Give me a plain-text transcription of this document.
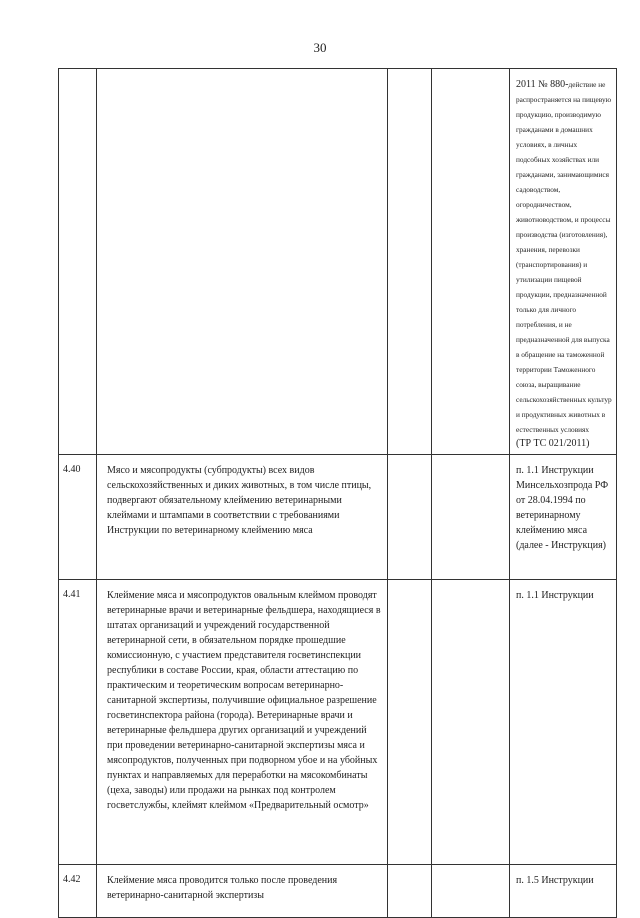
30
				2011 № 880-действие не распространяется на пищевую продукцию, производимую гражданами в домашних условиях, в личных подсобных хозяйствах или гражданами, занимающимися садоводством, огородничеством, животноводством, и процессы производства (изготовления), хранения, перевозки (транспортирования) и утилизации пищевой продукции, предназначенной только для личного потребления, и не предназначенной для выпуска в обращение на таможенной территории Таможенного союза, выращивание сельскохозяйственных культур и продуктивных животных в естественных условиях
(ТР ТС 021/2011)

4.40	Мясо и мясопродукты (субпродукты) всех видов сельскохозяйственных и диких животных, в том числе птицы, подвергают обязательному клеймению ветеринарными клеймами и штампами в соответствии с требованиями Инструкции по ветеринарному клеймению мяса			п. 1.1 Инструкции Минсельхозпрода РФ от 28.04.1994 по ветеринарному клеймению мяса (далее - Инструкция)
4.41	Клеймение мяса и мясопродуктов овальным клеймом проводят ветеринарные врачи и ветеринарные фельдшера, находящиеся в штатах организаций и учреждений государственной ветеринарной сети, в обязательном порядке прошедшие комиссионную, с участием представителя госветинспекции республики в составе России, края, области аттестацию по практическим и теоретическим вопросам ветеринарно-санитарной экспертизы, получившие официальное разрешение госветинспектора района (города). Ветеринарные врачи и ветеринарные фельдшера других организаций и учреждений при проведении ветеринарно-санитарной экспертизы мяса и мясопродуктов, полученных при подворном убое и на убойных пунктах и направляемых для переработки на мясокомбинаты (цеха, заводы) или продажи на рынках под контролем госветслужбы, клеймят клеймом «Предварительный осмотр»			п. 1.1 Инструкции
4.42	Клеймение мяса проводится только после проведения ветеринарно-санитарной экспертизы			п. 1.5 Инструкции
